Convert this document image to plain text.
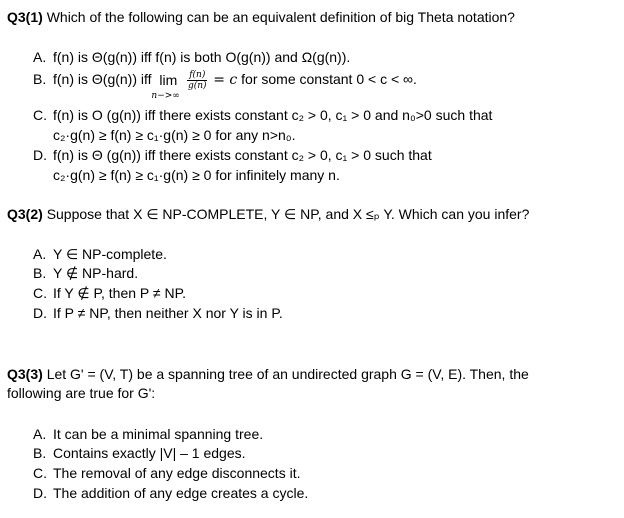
Q3(1) Which of the following can be an equivalent definition of big Theta notation?
A. f(n) is Θ(g(n)) iff f(n) is both O(g(n)) and Ω(g(n)).
B. f(n) is Θ(g(n)) iff lim
n−>∞

$\frac{f(n)}{g(n)} = c$ for some constant 0 < c < ∞.
C. f(n) is O (g(n)) iff there exists constant c₂ > 0, c₁ > 0 and n₀>0 such that
c₂·g(n) ≥ f(n) ≥ c₁·g(n) ≥ 0 for any n>n₀.
D. f(n) is Θ (g(n)) iff there exists constant c₂ > 0, c₁ > 0 such that
c₂·g(n) ≥ f(n) ≥ c₁·g(n) ≥ 0 for infinitely many n.
Q3(2) Suppose that X ∈ NP-COMPLETE, Y ∈ NP, and X ≤ₚ Y. Which can you infer?
A. Y ∈ NP-complete.
B. Y ∉ NP-hard.
C. If Y ∉ P, then P ≠ NP.
D. If P ≠ NP, then neither X nor Y is in P.
Q3(3) Let G' = (V, T) be a spanning tree of an undirected graph G = (V, E). Then, the
following are true for G':
A. It can be a minimal spanning tree.
B. Contains exactly |V| – 1 edges.
C. The removal of any edge disconnects it.
D. The addition of any edge creates a cycle.
